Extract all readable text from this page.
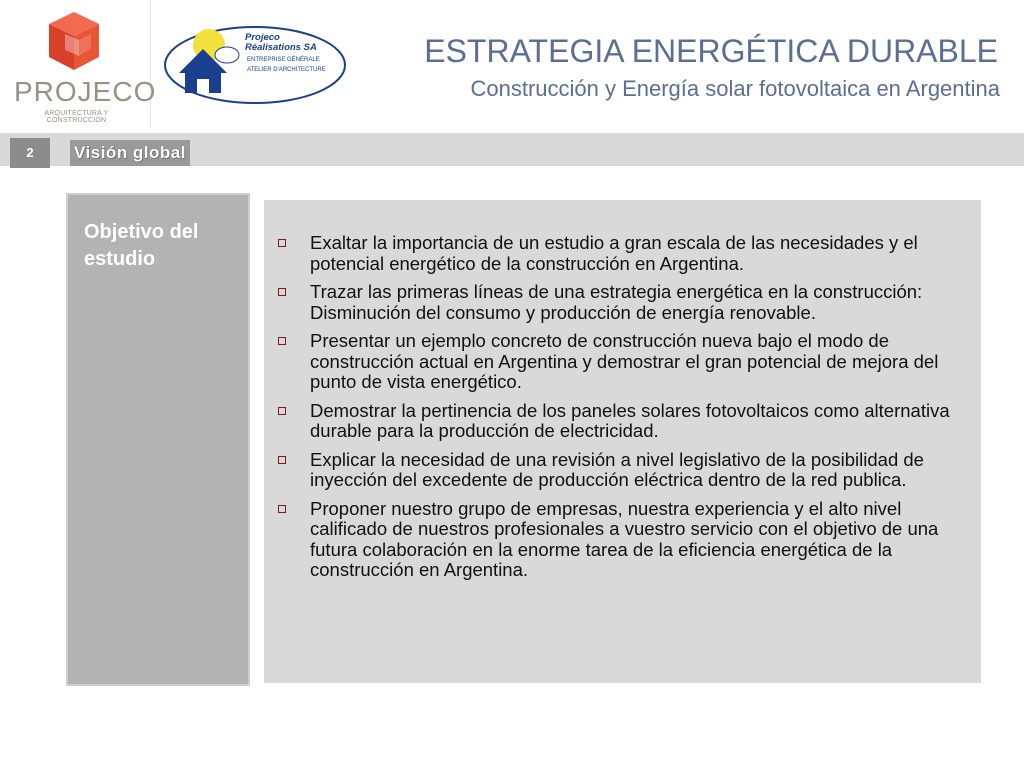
PROJECO
ARQUITECTURA Y CONSTRUCCION
Projeco
Réalisations SA
ENTREPRISE GÉNÉRALE
ATELIER D'ARCHITECTURE
ESTRATEGIA ENERGÉTICA DURABLE
Construcción y Energía solar fotovoltaica en Argentina
2	Visión global
Objetivo del estudio
Exaltar la importancia de un estudio a gran escala de las necesidades y el potencial energético de la construcción en Argentina.
Trazar las primeras líneas de una estrategia energética en la construcción: Disminución del consumo y producción de energía renovable.
Presentar un ejemplo concreto de construcción nueva bajo el modo de construcción actual en Argentina y demostrar el gran potencial de mejora del punto de vista energético.
Demostrar la pertinencia de los paneles solares fotovoltaicos como alternativa durable para la producción de electricidad.
Explicar la necesidad de una revisión a nivel legislativo de la posibilidad de inyección del excedente de producción eléctrica dentro de la red publica.
Proponer nuestro grupo de empresas, nuestra experiencia y el alto nivel calificado de nuestros profesionales a vuestro servicio con el objetivo de una futura colaboración en la enorme tarea de la eficiencia energética de la construcción en Argentina.
